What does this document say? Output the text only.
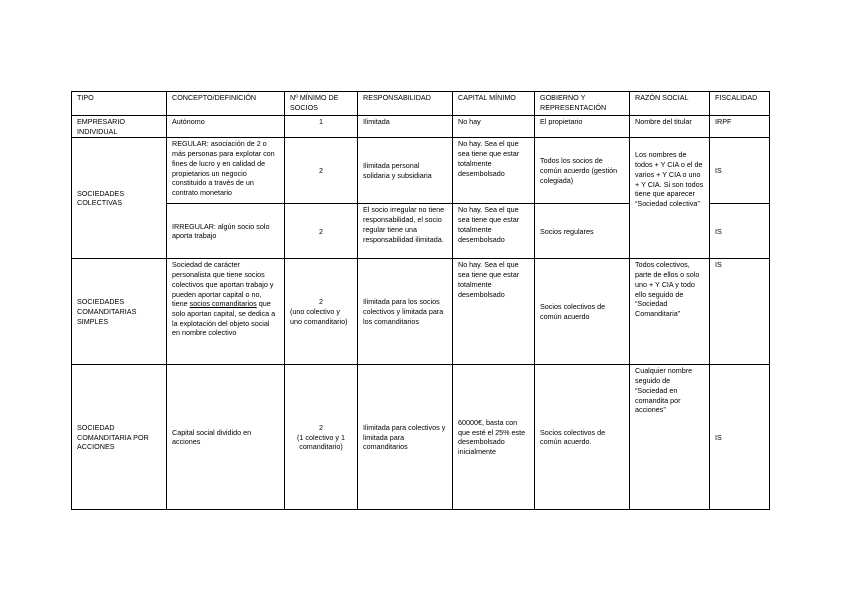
TIPO	CONCEPTO/DEFINICIÓN	Nº MÍNIMO DE SOCIOS	RESPONSABILIDAD	CAPITAL MÍNIMO	GOBIERNO Y REPRESENTACIÓN	RAZÓN SOCIAL	FISCALIDAD
EMPRESARIO INDIVIDUAL	Autónomo	1	Ilimitada	No hay	El propietario	Nombre del titular	IRPF
SOCIEDADES COLECTIVAS	REGULAR: asociación de 2 o más personas para explotar con fines de lucro y en calidad de propietarios un negocio constituido a través de un contrato monetario	2	Ilimitada personal solidaria y subsidiaria	No hay. Sea el que sea tiene que estar totalmente desembolsado	Todos los socios de común acuerdo (gestión colegiada)	Los nombres de todos + Y CIA o el de varios + Y CIA o uno + Y CIA. Si son todos tiene que aparecer “Sociedad colectiva”	IS
	IRREGULAR: algún socio solo aporta trabajo	2	El socio irregular no tiene responsabilidad, el socio regular tiene una responsabilidad ilimitada.	No hay. Sea el que sea tiene que estar totalmente desembolsado	Socios regulares		IS
SOCIEDADES COMANDITARIAS SIMPLES	Sociedad de carácter personalista que tiene socios colectivos que aportan trabajo y pueden aportar capital o no, tiene socios comanditarios que solo aportan capital, se dedica a la explotación del objeto social en nombre colectivo	2
(uno colectivo y uno comanditario)	Ilimitada para los socios colectivos y limitada para los comanditarios	No hay. Sea el que sea tiene que estar totalmente desembolsado	Socios colectivos de común acuerdo	Todos colectivos, parte de ellos o solo uno + Y CIA y todo ello seguido de “Sociedad Comanditaria”	IS
SOCIEDAD COMANDITARIA POR ACCIONES	Capital social dividido en acciones	2
(1 colectivo y 1 comanditario)	Ilimitada para colectivos y limitada para comanditarios	60000€, basta con que esté el 25% este desembolsado inicialmente	Socios colectivos de común acuerdo.	Cualquier nombre seguido de “Sociedad en comandita por acciones”	IS
